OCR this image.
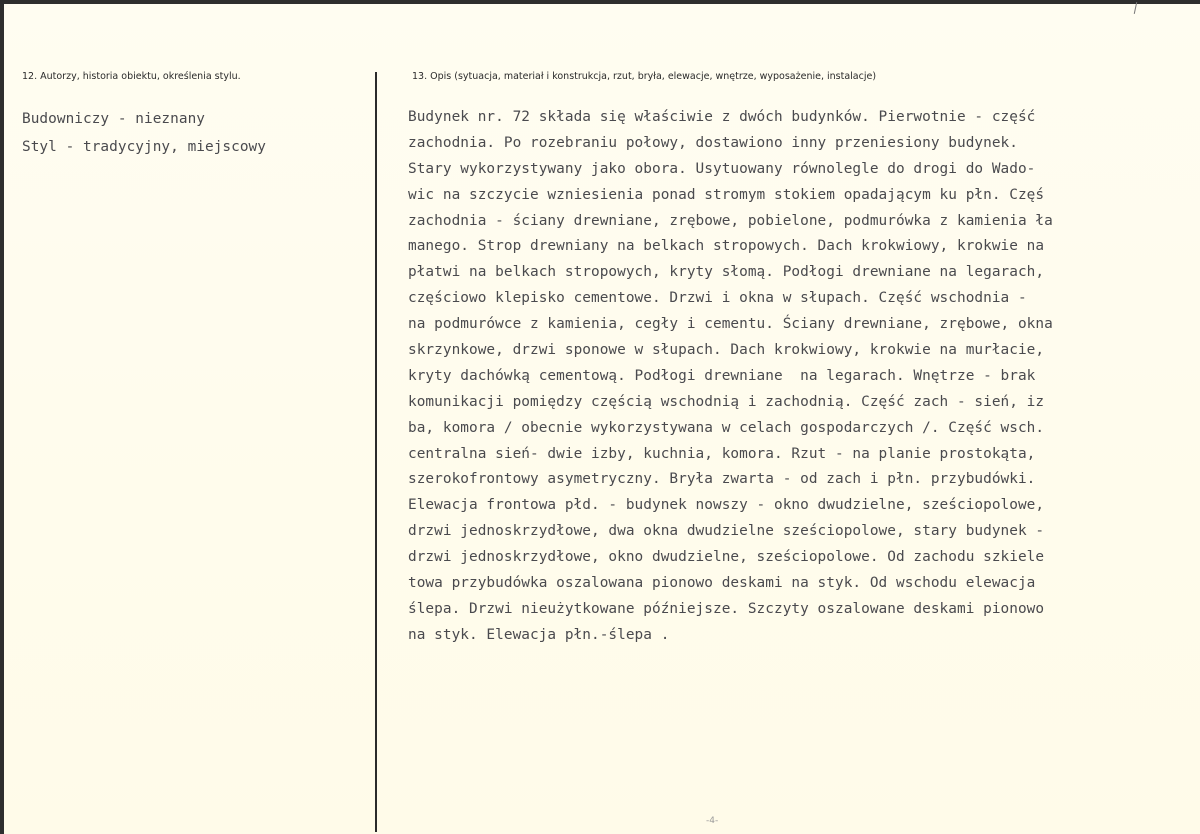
12. Autorzy, historia obiektu, określenia stylu.	13. Opis (sytuacja, materiał i konstrukcja, rzut, bryła, elewacje, wnętrze, wyposażenie, instalacje)
Budowniczy - nieznany
Styl - tradycyjny, miejscowy
Budynek nr. 72 składa się właściwie z dwóch budynków. Pierwotnie - część
zachodnia. Po rozebraniu połowy, dostawiono inny przeniesiony budynek.
Stary wykorzystywany jako obora. Usytuowany równolegle do drogi do Wado-
wic na szczycie wzniesienia ponad stromym stokiem opadającym ku płn. Częś
zachodnia - ściany drewniane, zrębowe, pobielone, podmurówka z kamienia ła
manego. Strop drewniany na belkach stropowych. Dach krokwiowy, krokwie na
płatwi na belkach stropowych, kryty słomą. Podłogi drewniane na legarach,
częściowo klepisko cementowe. Drzwi i okna w słupach. Część wschodnia -
na podmurówce z kamienia, cegły i cementu. Ściany drewniane, zrębowe, okna
skrzynkowe, drzwi sponowe w słupach. Dach krokwiowy, krokwie na murłacie,
kryty dachówką cementową. Podłogi drewniane  na legarach. Wnętrze - brak
komunikacji pomiędzy częścią wschodnią i zachodnią. Część zach - sień, iz
ba, komora / obecnie wykorzystywana w celach gospodarczych /. Część wsch.
centralna sień- dwie izby, kuchnia, komora. Rzut - na planie prostokąta,
szerokofrontowy asymetryczny. Bryła zwarta - od zach i płn. przybudówki.
Elewacja frontowa płd. - budynek nowszy - okno dwudzielne, sześciopolowe,
drzwi jednoskrzydłowe, dwa okna dwudzielne sześciopolowe, stary budynek -
drzwi jednoskrzydłowe, okno dwudzielne, sześciopolowe. Od zachodu szkiele
towa przybudówka oszalowana pionowo deskami na styk. Od wschodu elewacja
ślepa. Drzwi nieużytkowane późniejsze. Szczyty oszalowane deskami pionowo
na styk. Elewacja płn.-ślepa .
-4-
